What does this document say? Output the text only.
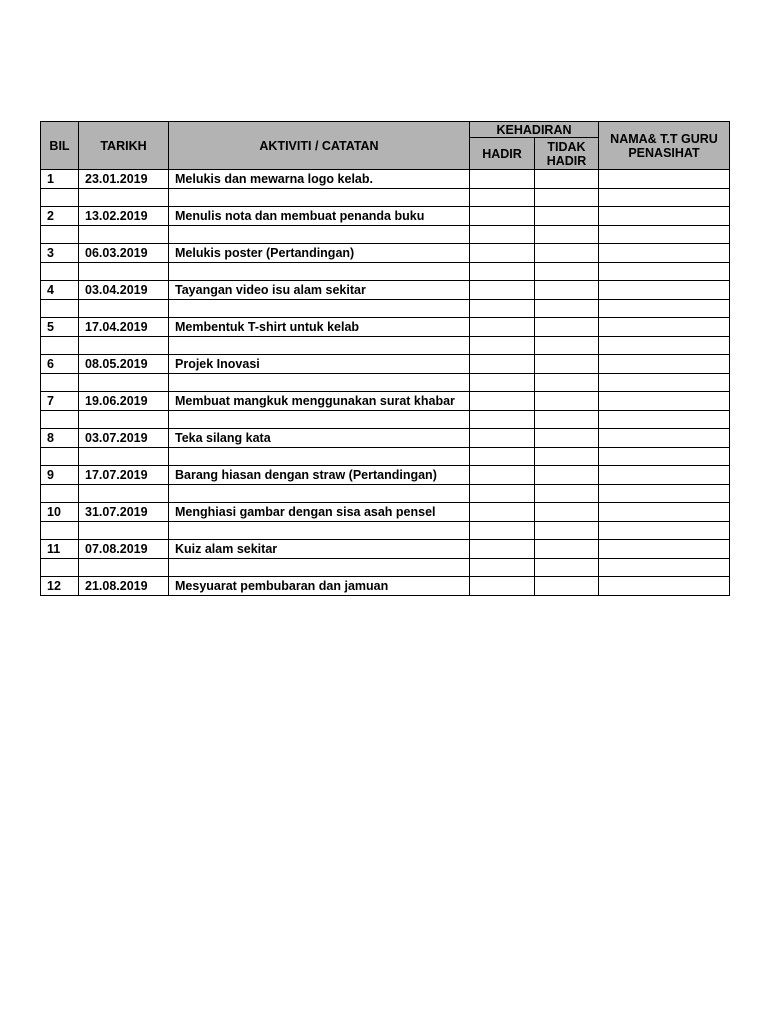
BIL	TARIKH	AKTIVITI / CATATAN	KEHADIRAN		NAMA& T.T GURU PENASIHAT
			HADIR	TIDAK HADIR	
1	23.01.2019	Melukis dan mewarna logo kelab.			

2	13.02.2019	Menulis nota dan membuat penanda buku			

3	06.03.2019	Melukis poster (Pertandingan)			

4	03.04.2019	Tayangan video isu alam sekitar			

5	17.04.2019	Membentuk T-shirt untuk kelab			

6	08.05.2019	Projek Inovasi			

7	19.06.2019	Membuat mangkuk menggunakan surat khabar			

8	03.07.2019	Teka silang kata			

9	17.07.2019	Barang hiasan dengan straw (Pertandingan)			

10	31.07.2019	Menghiasi gambar dengan sisa asah pensel			

11	07.08.2019	Kuiz alam sekitar			

12	21.08.2019	Mesyuarat pembubaran dan jamuan			
